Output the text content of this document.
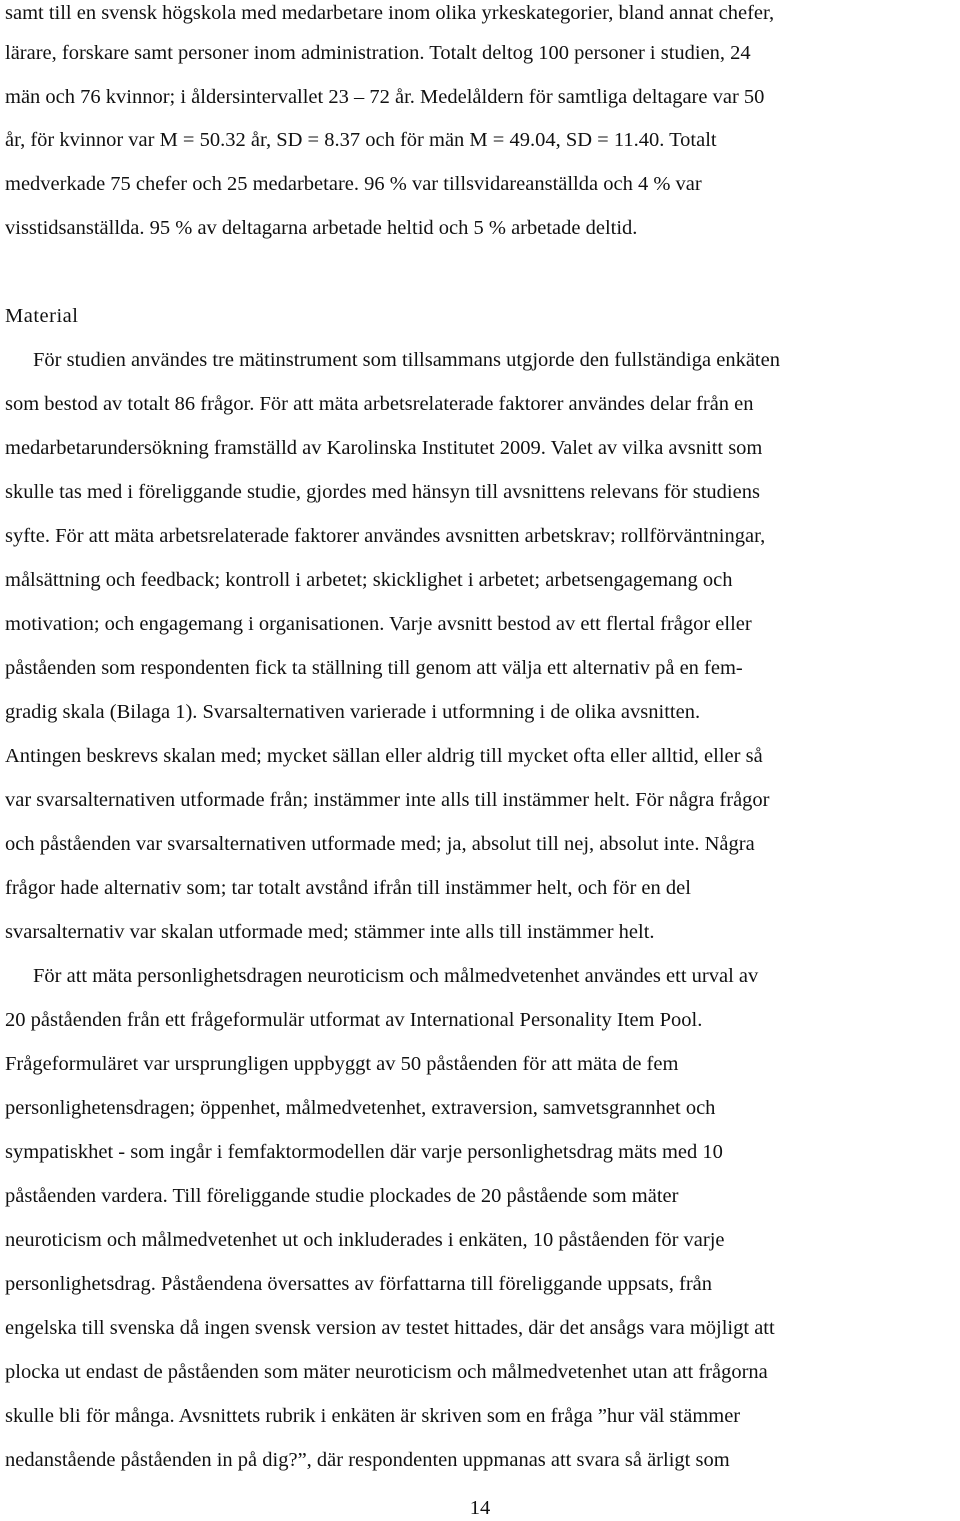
samt till en svensk högskola med medarbetare inom olika yrkeskategorier, bland annat chefer,
lärare, forskare samt personer inom administration. Totalt deltog 100 personer i studien, 24
män och 76 kvinnor; i åldersintervallet 23 – 72 år. Medelåldern för samtliga deltagare var 50
år, för kvinnor var M = 50.32 år, SD = 8.37 och för män M = 49.04, SD = 11.40. Totalt
medverkade 75 chefer och 25 medarbetare. 96 % var tillsvidareanställda och 4 % var
visstidsanställda. 95 % av deltagarna arbetade heltid och 5 % arbetade deltid.
Material
För studien användes tre mätinstrument som tillsammans utgjorde den fullständiga enkäten
som bestod av totalt 86 frågor. För att mäta arbetsrelaterade faktorer användes delar från en
medarbetarundersökning framställd av Karolinska Institutet 2009. Valet av vilka avsnitt som
skulle tas med i föreliggande studie, gjordes med hänsyn till avsnittens relevans för studiens
syfte. För att mäta arbetsrelaterade faktorer användes avsnitten arbetskrav; rollförväntningar,
målsättning och feedback; kontroll i arbetet; skicklighet i arbetet; arbetsengagemang och
motivation; och engagemang i organisationen. Varje avsnitt bestod av ett flertal frågor eller
påståenden som respondenten fick ta ställning till genom att välja ett alternativ på en fem-
gradig skala (Bilaga 1). Svarsalternativen varierade i utformning i de olika avsnitten.
Antingen beskrevs skalan med; mycket sällan eller aldrig till mycket ofta eller alltid, eller så
var svarsalternativen utformade från; instämmer inte alls till instämmer helt. För några frågor
och påståenden var svarsalternativen utformade med; ja, absolut till nej, absolut inte. Några
frågor hade alternativ som; tar totalt avstånd ifrån till instämmer helt, och för en del
svarsalternativ var skalan utformade med; stämmer inte alls till instämmer helt.
För att mäta personlighetsdragen neuroticism och målmedvetenhet användes ett urval av
20 påståenden från ett frågeformulär utformat av International Personality Item Pool.
Frågeformuläret var ursprungligen uppbyggt av 50 påståenden för att mäta de fem
personlighetensdragen; öppenhet, målmedvetenhet, extraversion, samvetsgrannhet och
sympatiskhet - som ingår i femfaktormodellen där varje personlighetsdrag mäts med 10
påståenden vardera. Till föreliggande studie plockades de 20 påstående som mäter
neuroticism och målmedvetenhet ut och inkluderades i enkäten, 10 påståenden för varje
personlighetsdrag. Påståendena översattes av författarna till föreliggande uppsats, från
engelska till svenska då ingen svensk version av testet hittades, där det ansågs vara möjligt att
plocka ut endast de påståenden som mäter neuroticism och målmedvetenhet utan att frågorna
skulle bli för många. Avsnittets rubrik i enkäten är skriven som en fråga ”hur väl stämmer
nedanstående påståenden in på dig?”, där respondenten uppmanas att svara så ärligt som
14
